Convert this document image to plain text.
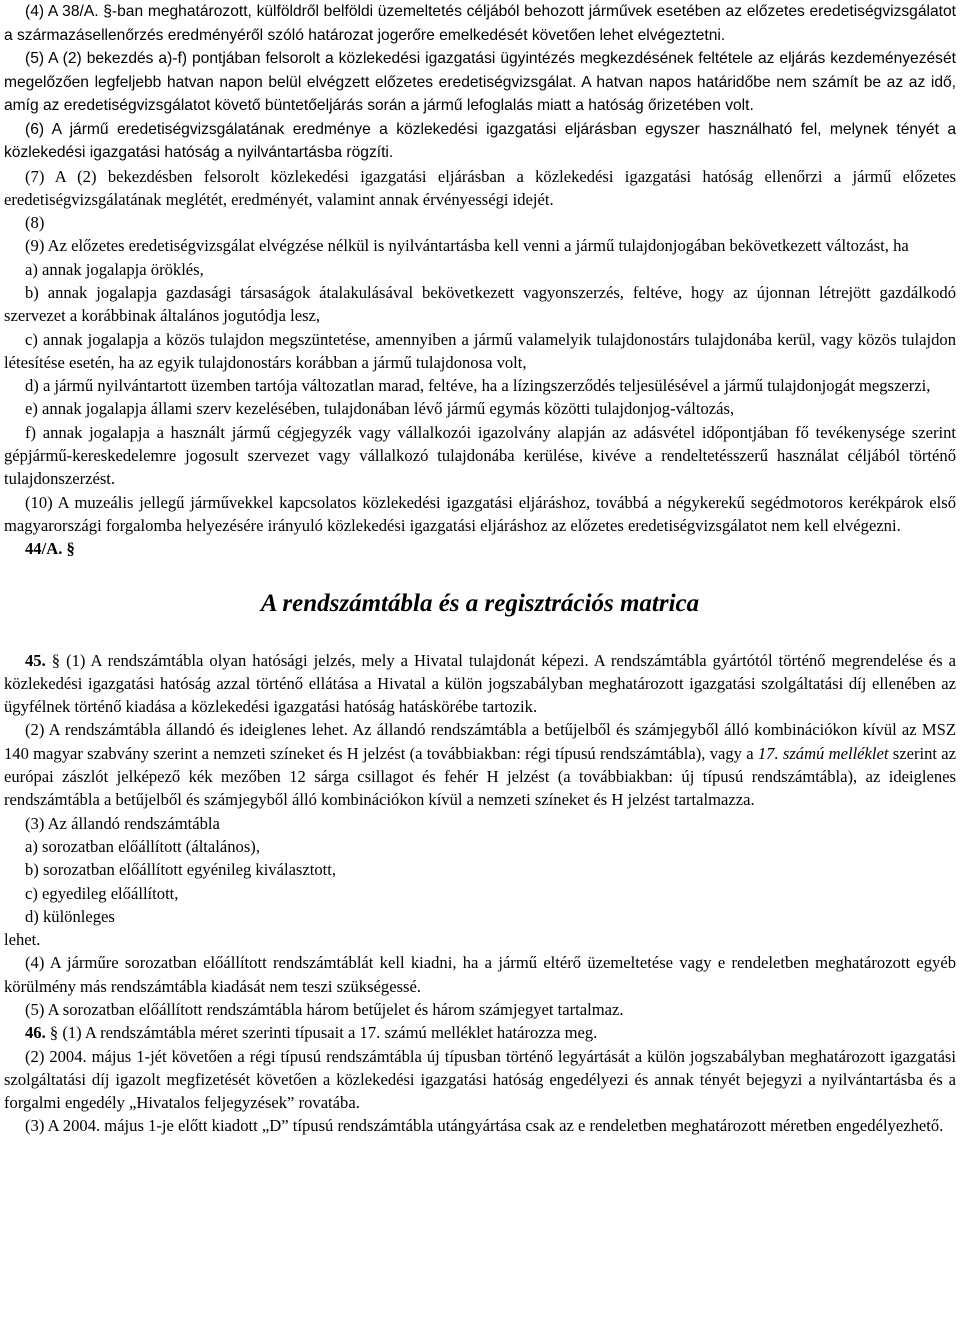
(4) A 38/A. §-ban meghatározott, külföldről belföldi üzemeltetés céljából behozott járművek esetében az előzetes eredetiségvizsgálatot a származásellenőrzés eredményéről szóló határozat jogerőre emelkedését követően lehet elvégeztetni.

(5) A (2) bekezdés a)-f) pontjában felsorolt a közlekedési igazgatási ügyintézés megkezdésének feltétele az eljárás kezdeményezését megelőzően legfeljebb hatvan napon belül elvégzett előzetes eredetiségvizsgálat. A hatvan napos határidőbe nem számít be az az idő, amíg az eredetiségvizsgálatot követő büntetőeljárás során a jármű lefoglalás miatt a hatóság őrizetében volt.

(6) A jármű eredetiségvizsgálatának eredménye a közlekedési igazgatási eljárásban egyszer használható fel, melynek tényét a közlekedési igazgatási hatóság a nyilvántartásba rögzíti.

(7) A (2) bekezdésben felsorolt közlekedési igazgatási eljárásban a közlekedési igazgatási hatóság ellenőrzi a jármű előzetes eredetiségvizsgálatának meglétét, eredményét, valamint annak érvényességi idejét.

(8)

(9) Az előzetes eredetiségvizsgálat elvégzése nélkül is nyilvántartásba kell venni a jármű tulajdonjogában bekövetkezett változást, ha

a) annak jogalapja öröklés,

b) annak jogalapja gazdasági társaságok átalakulásával bekövetkezett vagyonszerzés, feltéve, hogy az újonnan létrejött gazdálkodó szervezet a korábbinak általános jogutódja lesz,

c) annak jogalapja a közös tulajdon megszüntetése, amennyiben a jármű valamelyik tulajdonostárs tulajdonába kerül, vagy közös tulajdon létesítése esetén, ha az egyik tulajdonostárs korábban a jármű tulajdonosa volt,

d) a jármű nyilvántartott üzemben tartója változatlan marad, feltéve, ha a lízingszerződés teljesülésével a jármű tulajdonjogát megszerzi,

e) annak jogalapja állami szerv kezelésében, tulajdonában lévő jármű egymás közötti tulajdonjog-változás,

f) annak jogalapja a használt jármű cégjegyzék vagy vállalkozói igazolvány alapján az adásvétel időpontjában fő tevékenysége szerint gépjármű-kereskedelemre jogosult szervezet vagy vállalkozó tulajdonába kerülése, kivéve a rendeltetésszerű használat céljából történő tulajdonszerzést.

(10) A muzeális jellegű járművekkel kapcsolatos közlekedési igazgatási eljáráshoz, továbbá a négykerekű segédmotoros kerékpárok első magyarországi forgalomba helyezésére irányuló közlekedési igazgatási eljáráshoz az előzetes eredetiségvizsgálatot nem kell elvégezni.

44/A. §

A rendszámtábla és a regisztrációs matrica

45. § (1) A rendszámtábla olyan hatósági jelzés, mely a Hivatal tulajdonát képezi. A rendszámtábla gyártótól történő megrendelése és a közlekedési igazgatási hatóság azzal történő ellátása a Hivatal a külön jogszabályban meghatározott igazgatási szolgáltatási díj ellenében az ügyfélnek történő kiadása a közlekedési igazgatási hatóság hatáskörébe tartozik.

(2) A rendszámtábla állandó és ideiglenes lehet. Az állandó rendszámtábla a betűjelből és számjegyből álló kombinációkon kívül az MSZ 140 magyar szabvány szerint a nemzeti színeket és H jelzést (a továbbiakban: régi típusú rendszámtábla), vagy a 17. számú melléklet szerint az európai zászlót jelképező kék mezőben 12 sárga csillagot és fehér H jelzést (a továbbiakban: új típusú rendszámtábla), az ideiglenes rendszámtábla a betűjelből és számjegyből álló kombinációkon kívül a nemzeti színeket és H jelzést tartalmazza.

(3) Az állandó rendszámtábla

a) sorozatban előállított (általános),

b) sorozatban előállított egyénileg kiválasztott,

c) egyedileg előállított,

d) különleges

lehet.

(4) A járműre sorozatban előállított rendszámtáblát kell kiadni, ha a jármű eltérő üzemeltetése vagy e rendeletben meghatározott egyéb körülmény más rendszámtábla kiadását nem teszi szükségessé.

(5) A sorozatban előállított rendszámtábla három betűjelet és három számjegyet tartalmaz.

46. § (1) A rendszámtábla méret szerinti típusait a 17. számú melléklet határozza meg.

(2) 2004. május 1-jét követően a régi típusú rendszámtábla új típusban történő legyártását a külön jogszabályban meghatározott igazgatási szolgáltatási díj igazolt megfizetését követően a közlekedési igazgatási hatóság engedélyezi és annak tényét bejegyzi a nyilvántartásba és a forgalmi engedély „Hivatalos feljegyzések” rovatába.

(3) A 2004. május 1-je előtt kiadott „D” típusú rendszámtábla utángyártása csak az e rendeletben meghatározott méretben engedélyezhető.
